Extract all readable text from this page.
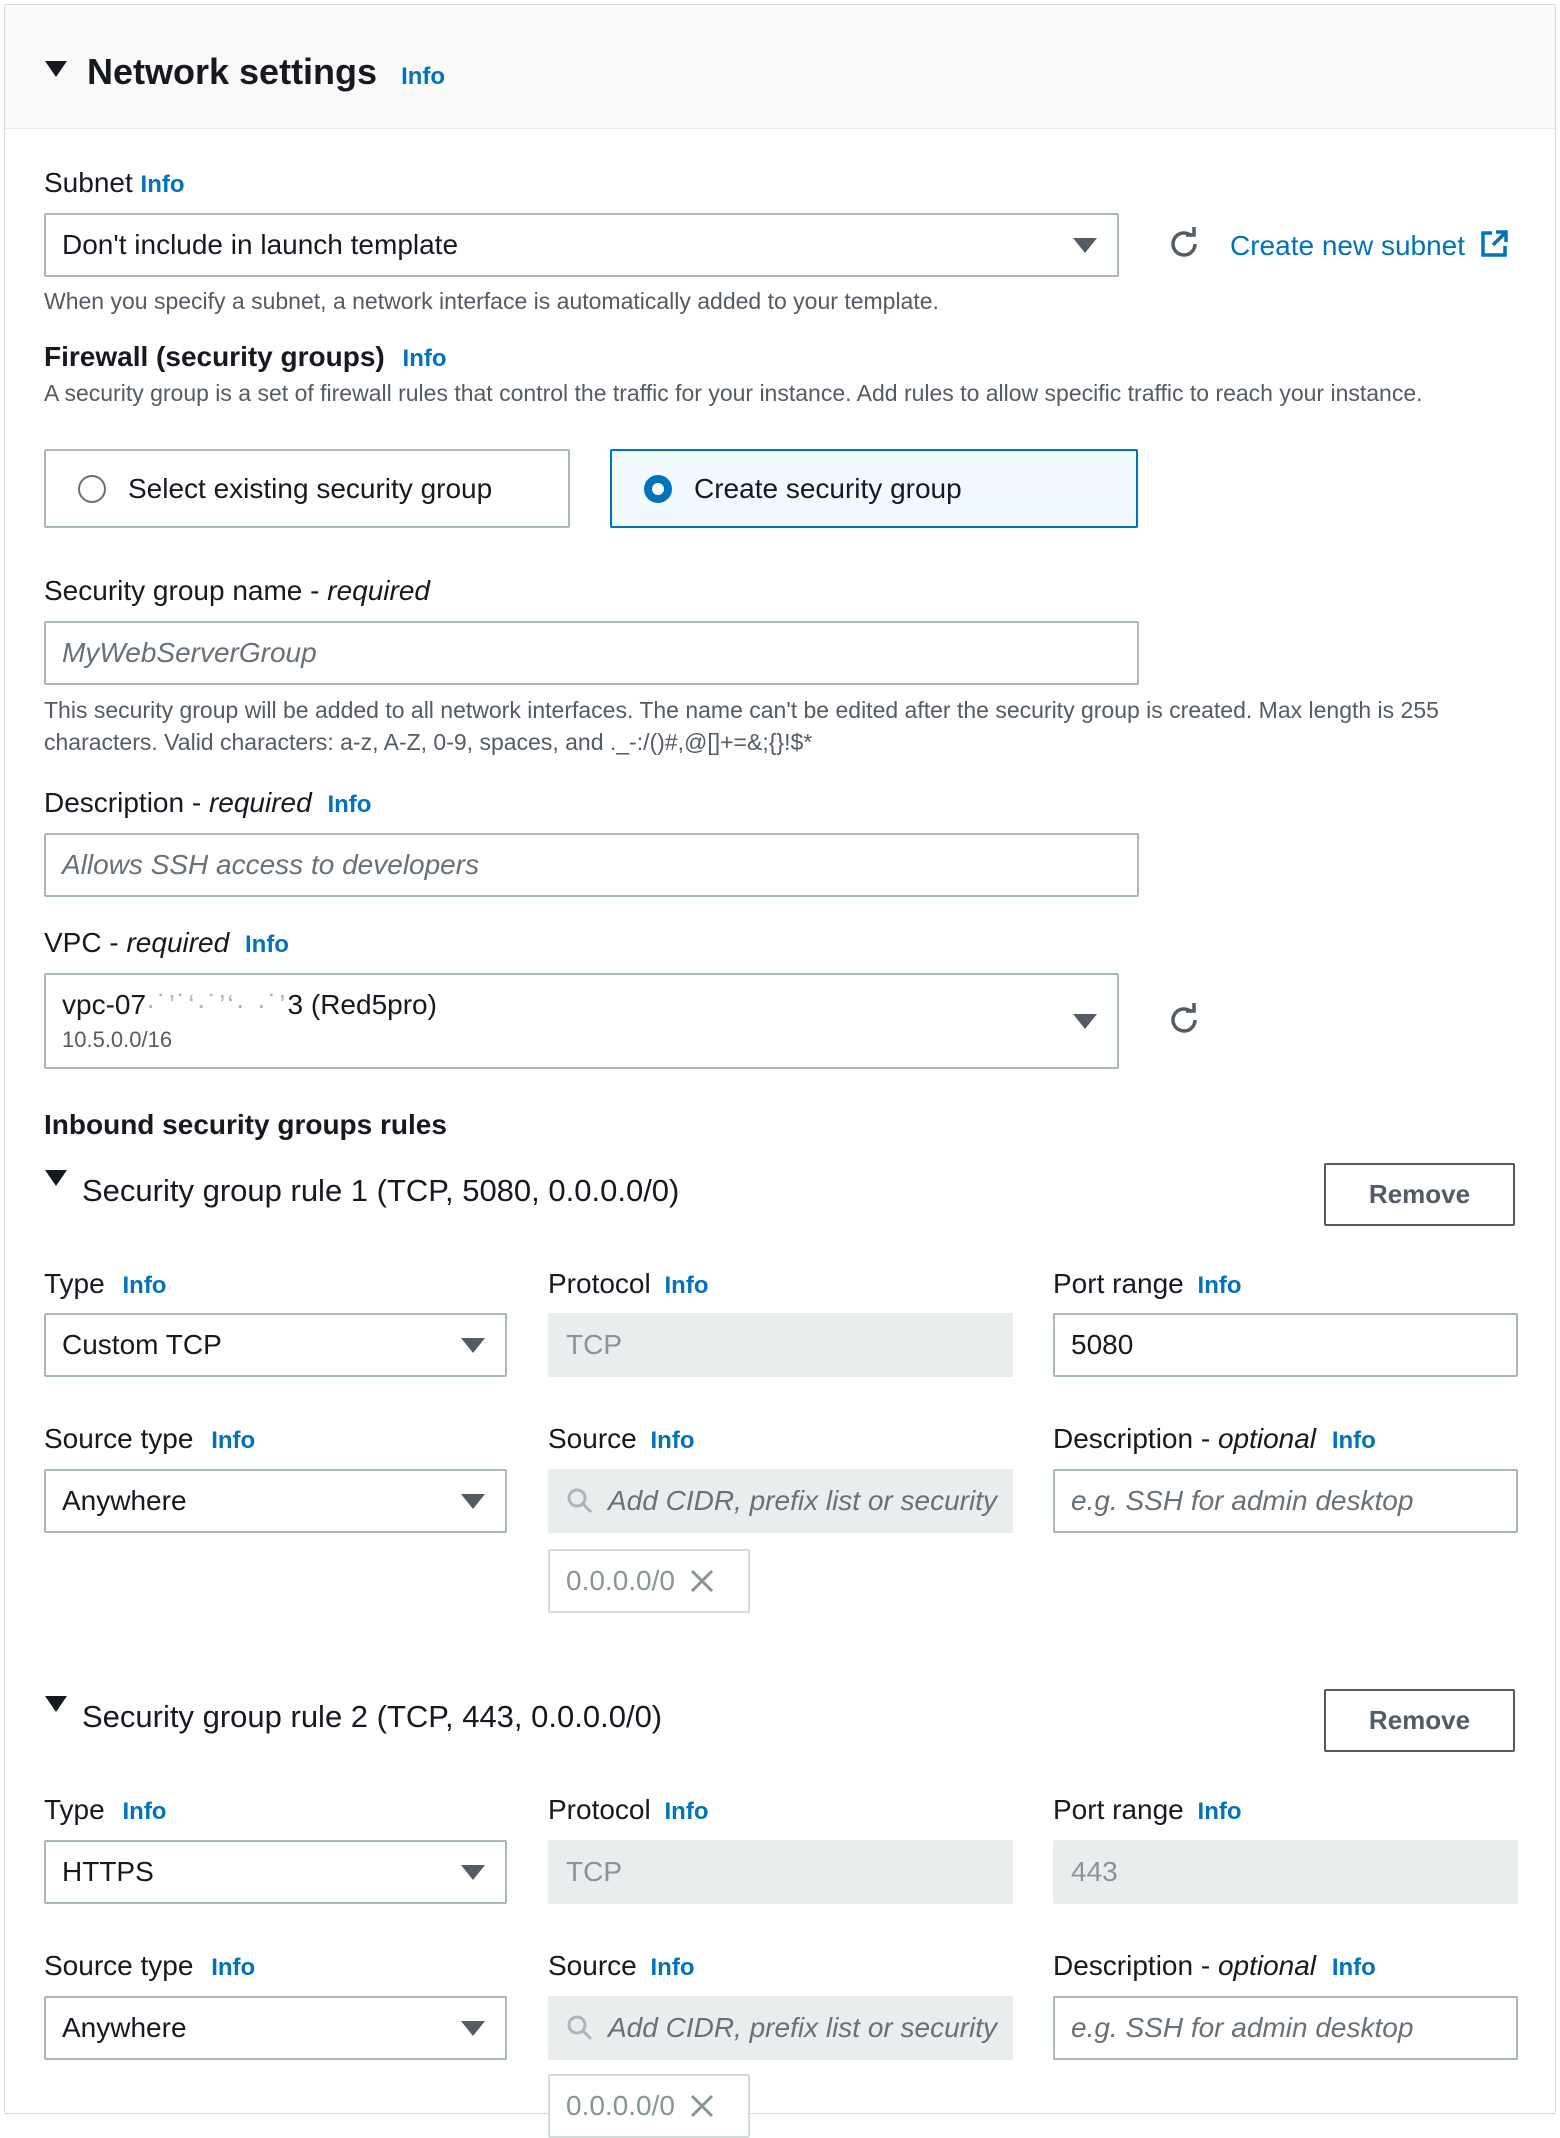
Network settings Info
Subnet Info
Don't include in launch template	Create new subnet
When you specify a subnet, a network interface is automatically added to your template.
Firewall (security groups) Info
A security group is a set of firewall rules that control the traffic for your instance. Add rules to allow specific traffic to reach your instance.
Select existing security group	Create security group
Security group name - required
MyWebServerGroup
This security group will be added to all network interfaces. The name can't be edited after the security group is created. Max length is 255 characters. Valid characters: a-z, A-Z, 0-9, spaces, and ._-:/()#,@[]+=&;{}!$*
Description - required Info
Allows SSH access to developers
VPC - required Info
vpc-07·˙’˙‘·˙’‘· ·˙’3 (Red5pro)
10.5.0.0/16
Inbound security groups rules
Security group rule 1 (TCP, 5080, 0.0.0.0/0)	Remove
Type Info
Custom TCP
Protocol Info
TCP
Port range Info
5080
Source type Info
Anywhere
Source Info
Add CIDR, prefix list or security
0.0.0.0/0
Description - optional Info
e.g. SSH for admin desktop
Security group rule 2 (TCP, 443, 0.0.0.0/0)	Remove
Type Info
HTTPS
Protocol Info
TCP
Port range Info
443
Source type Info
Anywhere
Source Info
Add CIDR, prefix list or security
0.0.0.0/0
Description - optional Info
e.g. SSH for admin desktop
